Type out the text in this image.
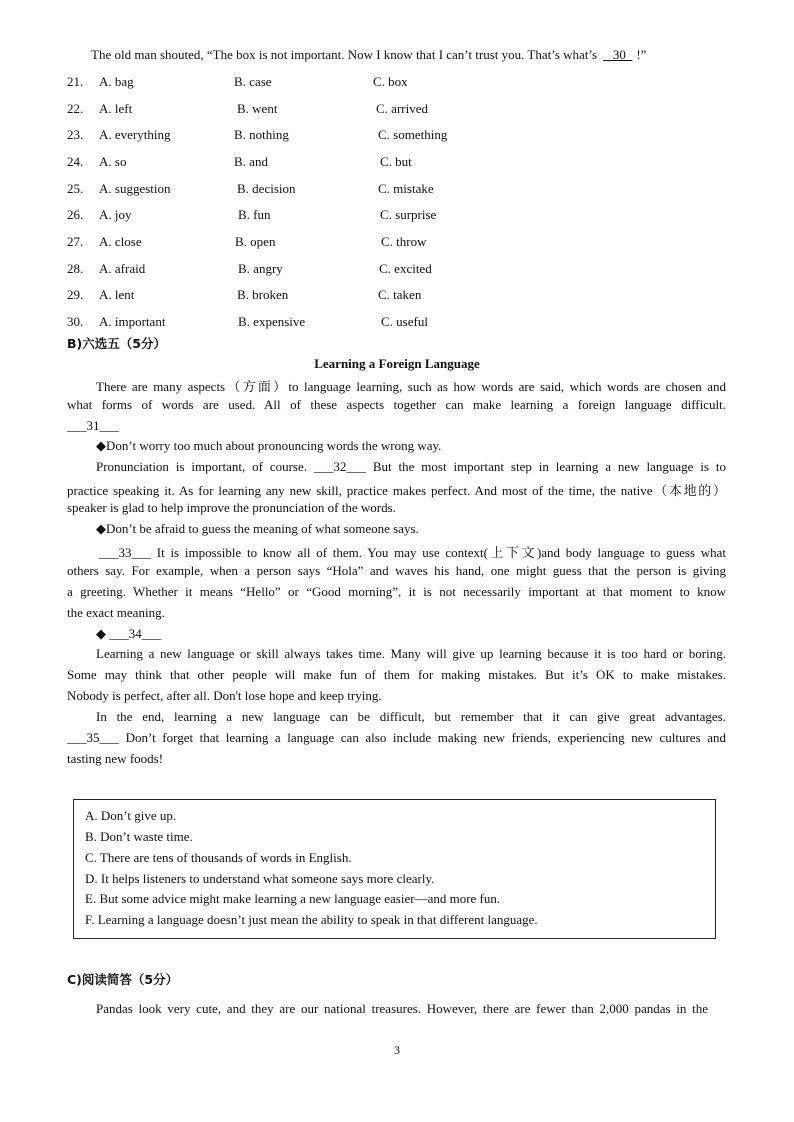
The old man shouted, “The box is not important. Now I know that I can’t trust you. That’s what’s 30 !”
21. A. bag	B. case	C. box
22. A. left	B. went	C. arrived
23. A. everything	B. nothing	C. something
24. A. so	B. and	C. but
25. A. suggestion	B. decision	C. mistake
26. A. joy	B. fun	C. surprise
27. A. close	B. open	C. throw
28. A. afraid	B. angry	C. excited
29. A. lent	B. broken	C. taken
30. A. important	B. expensive	C. useful
B)六选五（5分）
Learning a Foreign Language
There are many aspects（方面）to language learning, such as how words are said, which words are chosen and
what forms of words are used. All of these aspects together can make learning a foreign language difficult.
___31___
◆Don’t worry too much about pronouncing words the wrong way.
Pronunciation is important, of course. ___32___ But the most important step in learning a new language is to
practice speaking it. As for learning any new skill, practice makes perfect. And most of the time, the native（本地的）
speaker is glad to help improve the pronunciation of the words.
◆Don’t be afraid to guess the meaning of what someone says.
___33___ It is impossible to know all of them. You may use context(上下文)and body language to guess what
others say. For example, when a person says “Hola” and waves his hand, one might guess that the person is giving
a greeting. Whether it means “Hello” or “Good morning”, it is not necessarily important at that moment to know
the exact meaning.
◆ ___34___
Learning a new language or skill always takes time. Many will give up learning because it is too hard or boring.
Some may think that other people will make fun of them for making mistakes. But it’s OK to make mistakes.
Nobody is perfect, after all. Don't lose hope and keep trying.
In the end, learning a new language can be difficult, but remember that it can give great advantages.
___35___ Don’t forget that learning a language can also include making new friends, experiencing new cultures and
tasting new foods!
A. Don’t give up.
B. Don’t waste time.
C. There are tens of thousands of words in English.
D. It helps listeners to understand what someone says more clearly.
E. But some advice might make learning a new language easier—and more fun.
F. Learning a language doesn’t just mean the ability to speak in that different language.
C)阅读简答（5分）
Pandas look very cute, and they are our national treasures. However, there are fewer than 2,000 pandas in the
3
